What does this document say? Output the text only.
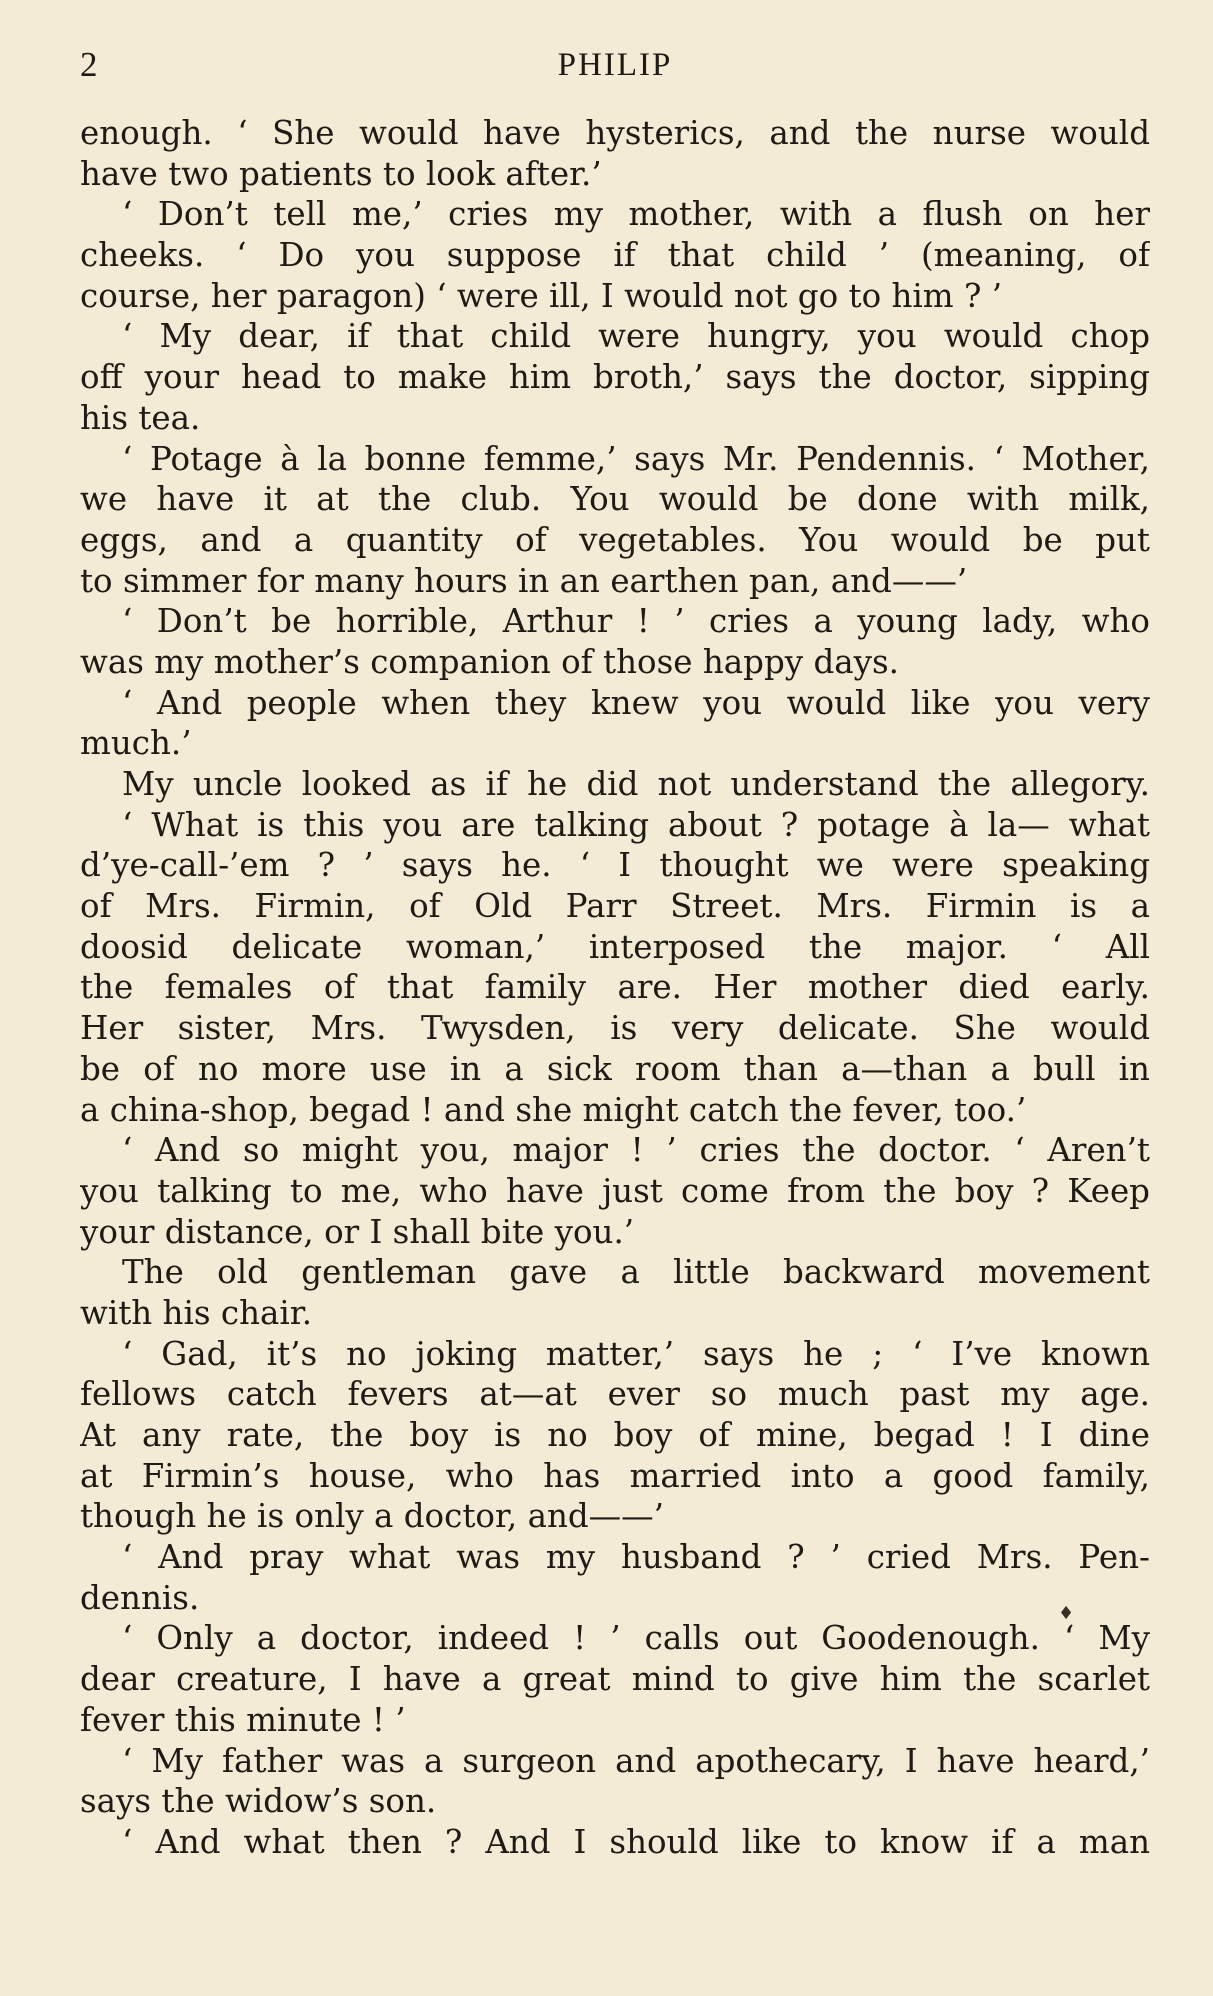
2	PHILIP
enough. ‘ She would have hysterics, and the nurse would
have two patients to look after.’
‘ Don’t tell me,’ cries my mother, with a flush on her
cheeks. ‘ Do you suppose if that child ’ (meaning, of
course, her paragon) ‘ were ill, I would not go to him ? ’
‘ My dear, if that child were hungry, you would chop
off your head to make him broth,’ says the doctor, sipping
his tea.
‘ Potage à la bonne femme,’ says Mr. Pendennis. ‘ Mother,
we have it at the club. You would be done with milk,
eggs, and a quantity of vegetables. You would be put
to simmer for many hours in an earthen pan, and——’
‘ Don’t be horrible, Arthur ! ’ cries a young lady, who
was my mother’s companion of those happy days.
‘ And people when they knew you would like you very
much.’
My uncle looked as if he did not understand the allegory.
‘ What is this you are talking about ? potage à la— what
d’ye-call-’em ? ’ says he. ‘ I thought we were speaking
of Mrs. Firmin, of Old Parr Street. Mrs. Firmin is a
doosid delicate woman,’ interposed the major. ‘ All
the females of that family are. Her mother died early.
Her sister, Mrs. Twysden, is very delicate. She would
be of no more use in a sick room than a—than a bull in
a china-shop, begad ! and she might catch the fever, too.’
‘ And so might you, major ! ’ cries the doctor. ‘ Aren’t
you talking to me, who have just come from the boy ? Keep
your distance, or I shall bite you.’
The old gentleman gave a little backward movement
with his chair.
‘ Gad, it’s no joking matter,’ says he ; ‘ I’ve known
fellows catch fevers at—at ever so much past my age.
At any rate, the boy is no boy of mine, begad ! I dine
at Firmin’s house, who has married into a good family,
though he is only a doctor, and——’
‘ And pray what was my husband ? ’ cried Mrs. Pen-
dennis.
‘ Only a doctor, indeed ! ’ calls out Goodenough. ‘ My
dear creature, I have a great mind to give him the scarlet
fever this minute ! ’
‘ My father was a surgeon and apothecary, I have heard,’
says the widow’s son.
‘ And what then ? And I should like to know if a man
♦
